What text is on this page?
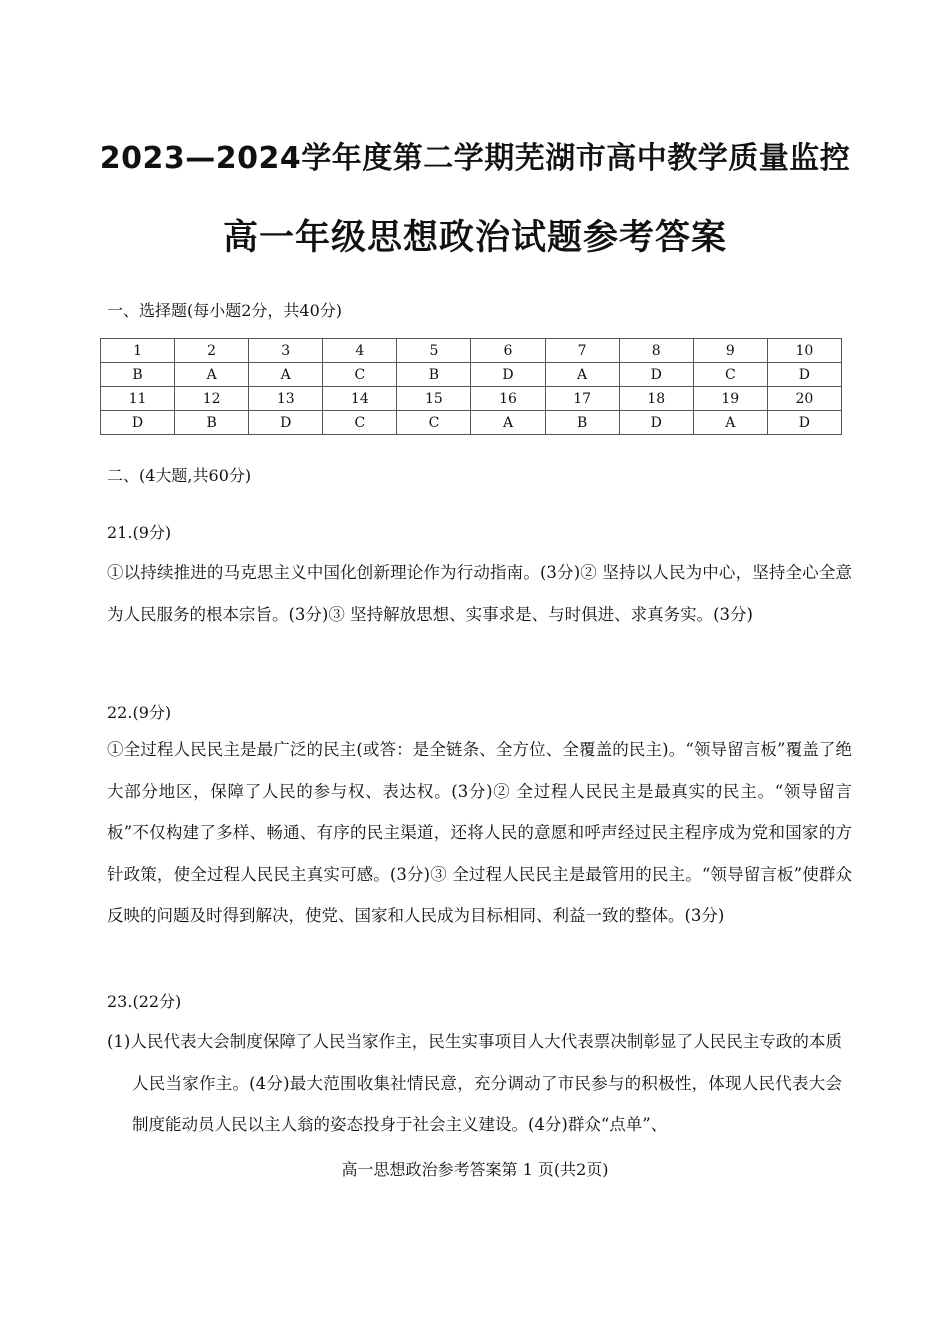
2023—2024学年度第二学期芜湖市高中教学质量监控
高一年级思想政治试题参考答案
一、选择题(每小题2分，共40分)
1	2	3	4	5	6	7	8	9	10
B	A	A	C	B	D	A	D	C	D
11	12	13	14	15	16	17	18	19	20
D	B	D	C	C	A	B	D	A	D
二、(4大题,共60分)
21.(9分)
①以持续推进的马克思主义中国化创新理论作为行动指南。(3分)② 坚持以人民为中心，坚持全心全意为人民服务的根本宗旨。(3分)③ 坚持解放思想、实事求是、与时俱进、求真务实。(3分)
22.(9分)
①全过程人民民主是最广泛的民主(或答：是全链条、全方位、全覆盖的民主)。“领导留言板”覆盖了绝大部分地区，保障了人民的参与权、表达权。(3分)② 全过程人民民主是最真实的民主。“领导留言板”不仅构建了多样、畅通、有序的民主渠道，还将人民的意愿和呼声经过民主程序成为党和国家的方针政策，使全过程人民民主真实可感。(3分)③ 全过程人民民主是最管用的民主。“领导留言板”使群众反映的问题及时得到解决，使党、国家和人民成为目标相同、利益一致的整体。(3分)
23.(22分)
(1)人民代表大会制度保障了人民当家作主，民生实事项目人大代表票决制彰显了人民民主专政的本质人民当家作主。(4分)最大范围收集社情民意，充分调动了市民参与的积极性，体现人民代表大会制度能动员人民以主人翁的姿态投身于社会主义建设。(4分)群众“点单”、
高一思想政治参考答案第 1 页(共2页)
